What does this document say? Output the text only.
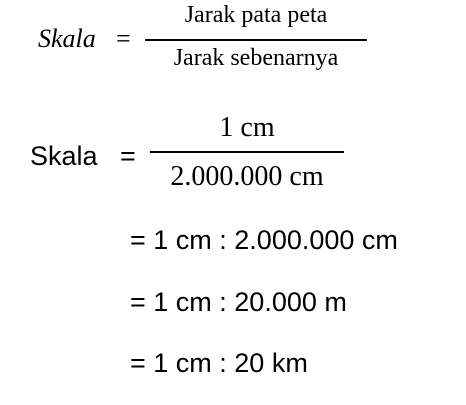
Skala =
Jarak pata peta
Jarak sebenarnya
Skala =
1 cm
2.000.000 cm
= 1 cm : 2.000.000 cm
= 1 cm : 20.000 m
= 1 cm : 20 km
